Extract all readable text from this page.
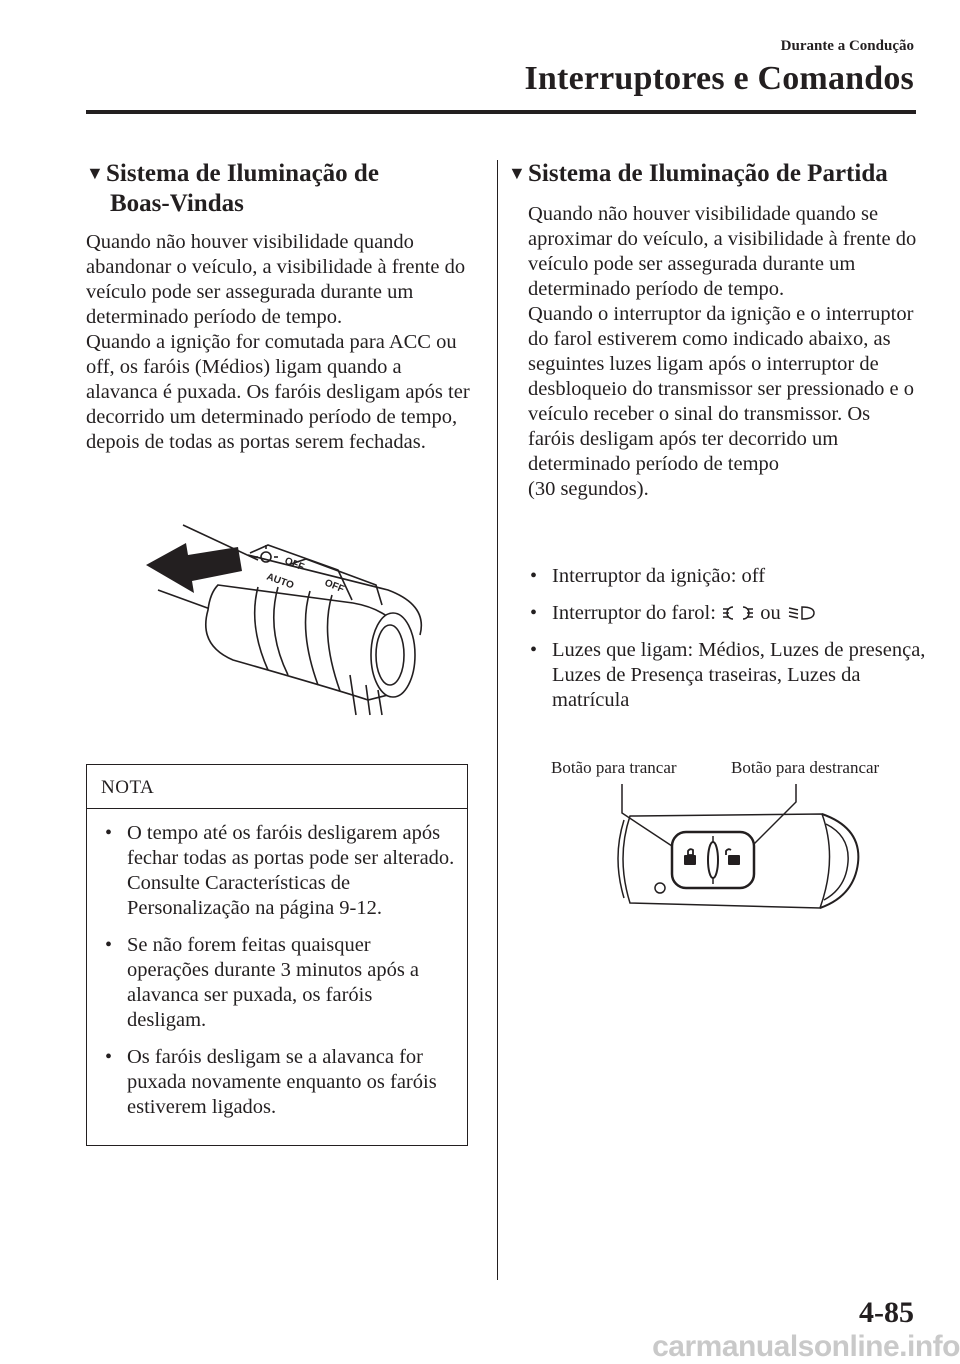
Durante a Condução
Interruptores e Comandos
▼Sistema de Iluminação de
Boas-Vindas

Quando não houver visibilidade quando abandonar o veículo, a visibilidade à frente do veículo pode ser assegurada durante um determinado período de tempo.

Quando a ignição for comutada para ACC ou off, os faróis (Médios) ligam quando a alavanca é puxada. Os faróis desligam após ter decorrido um determinado período de tempo, depois de todas as portas serem fechadas.

OFF
AUTO	OFF
NOTA
• O tempo até os faróis desligarem após fechar todas as portas pode ser alterado.
Consulte Características de Personalização na página 9-12.
• Se não forem feitas quaisquer operações durante 3 minutos após a alavanca ser puxada, os faróis desligam.
• Os faróis desligam se a alavanca for puxada novamente enquanto os faróis estiverem ligados.
▼Sistema de Iluminação de Partida

Quando não houver visibilidade quando se aproximar do veículo, a visibilidade à frente do veículo pode ser assegurada durante um determinado período de tempo.

Quando o interruptor da ignição e o interruptor do farol estiverem como indicado abaixo, as seguintes luzes ligam após o interruptor de desbloqueio do transmissor ser pressionado e o veículo receber o sinal do transmissor. Os faróis desligam após ter decorrido um determinado período de tempo
(30 segundos).

• Interruptor da ignição: off
• Interruptor do farol: ou
• Luzes que ligam: Médios, Luzes de presença, Luzes de Presença traseiras, Luzes da matrícula
Botão para trancar	Botão para destrancar
4-85
carmanualsonline.info
